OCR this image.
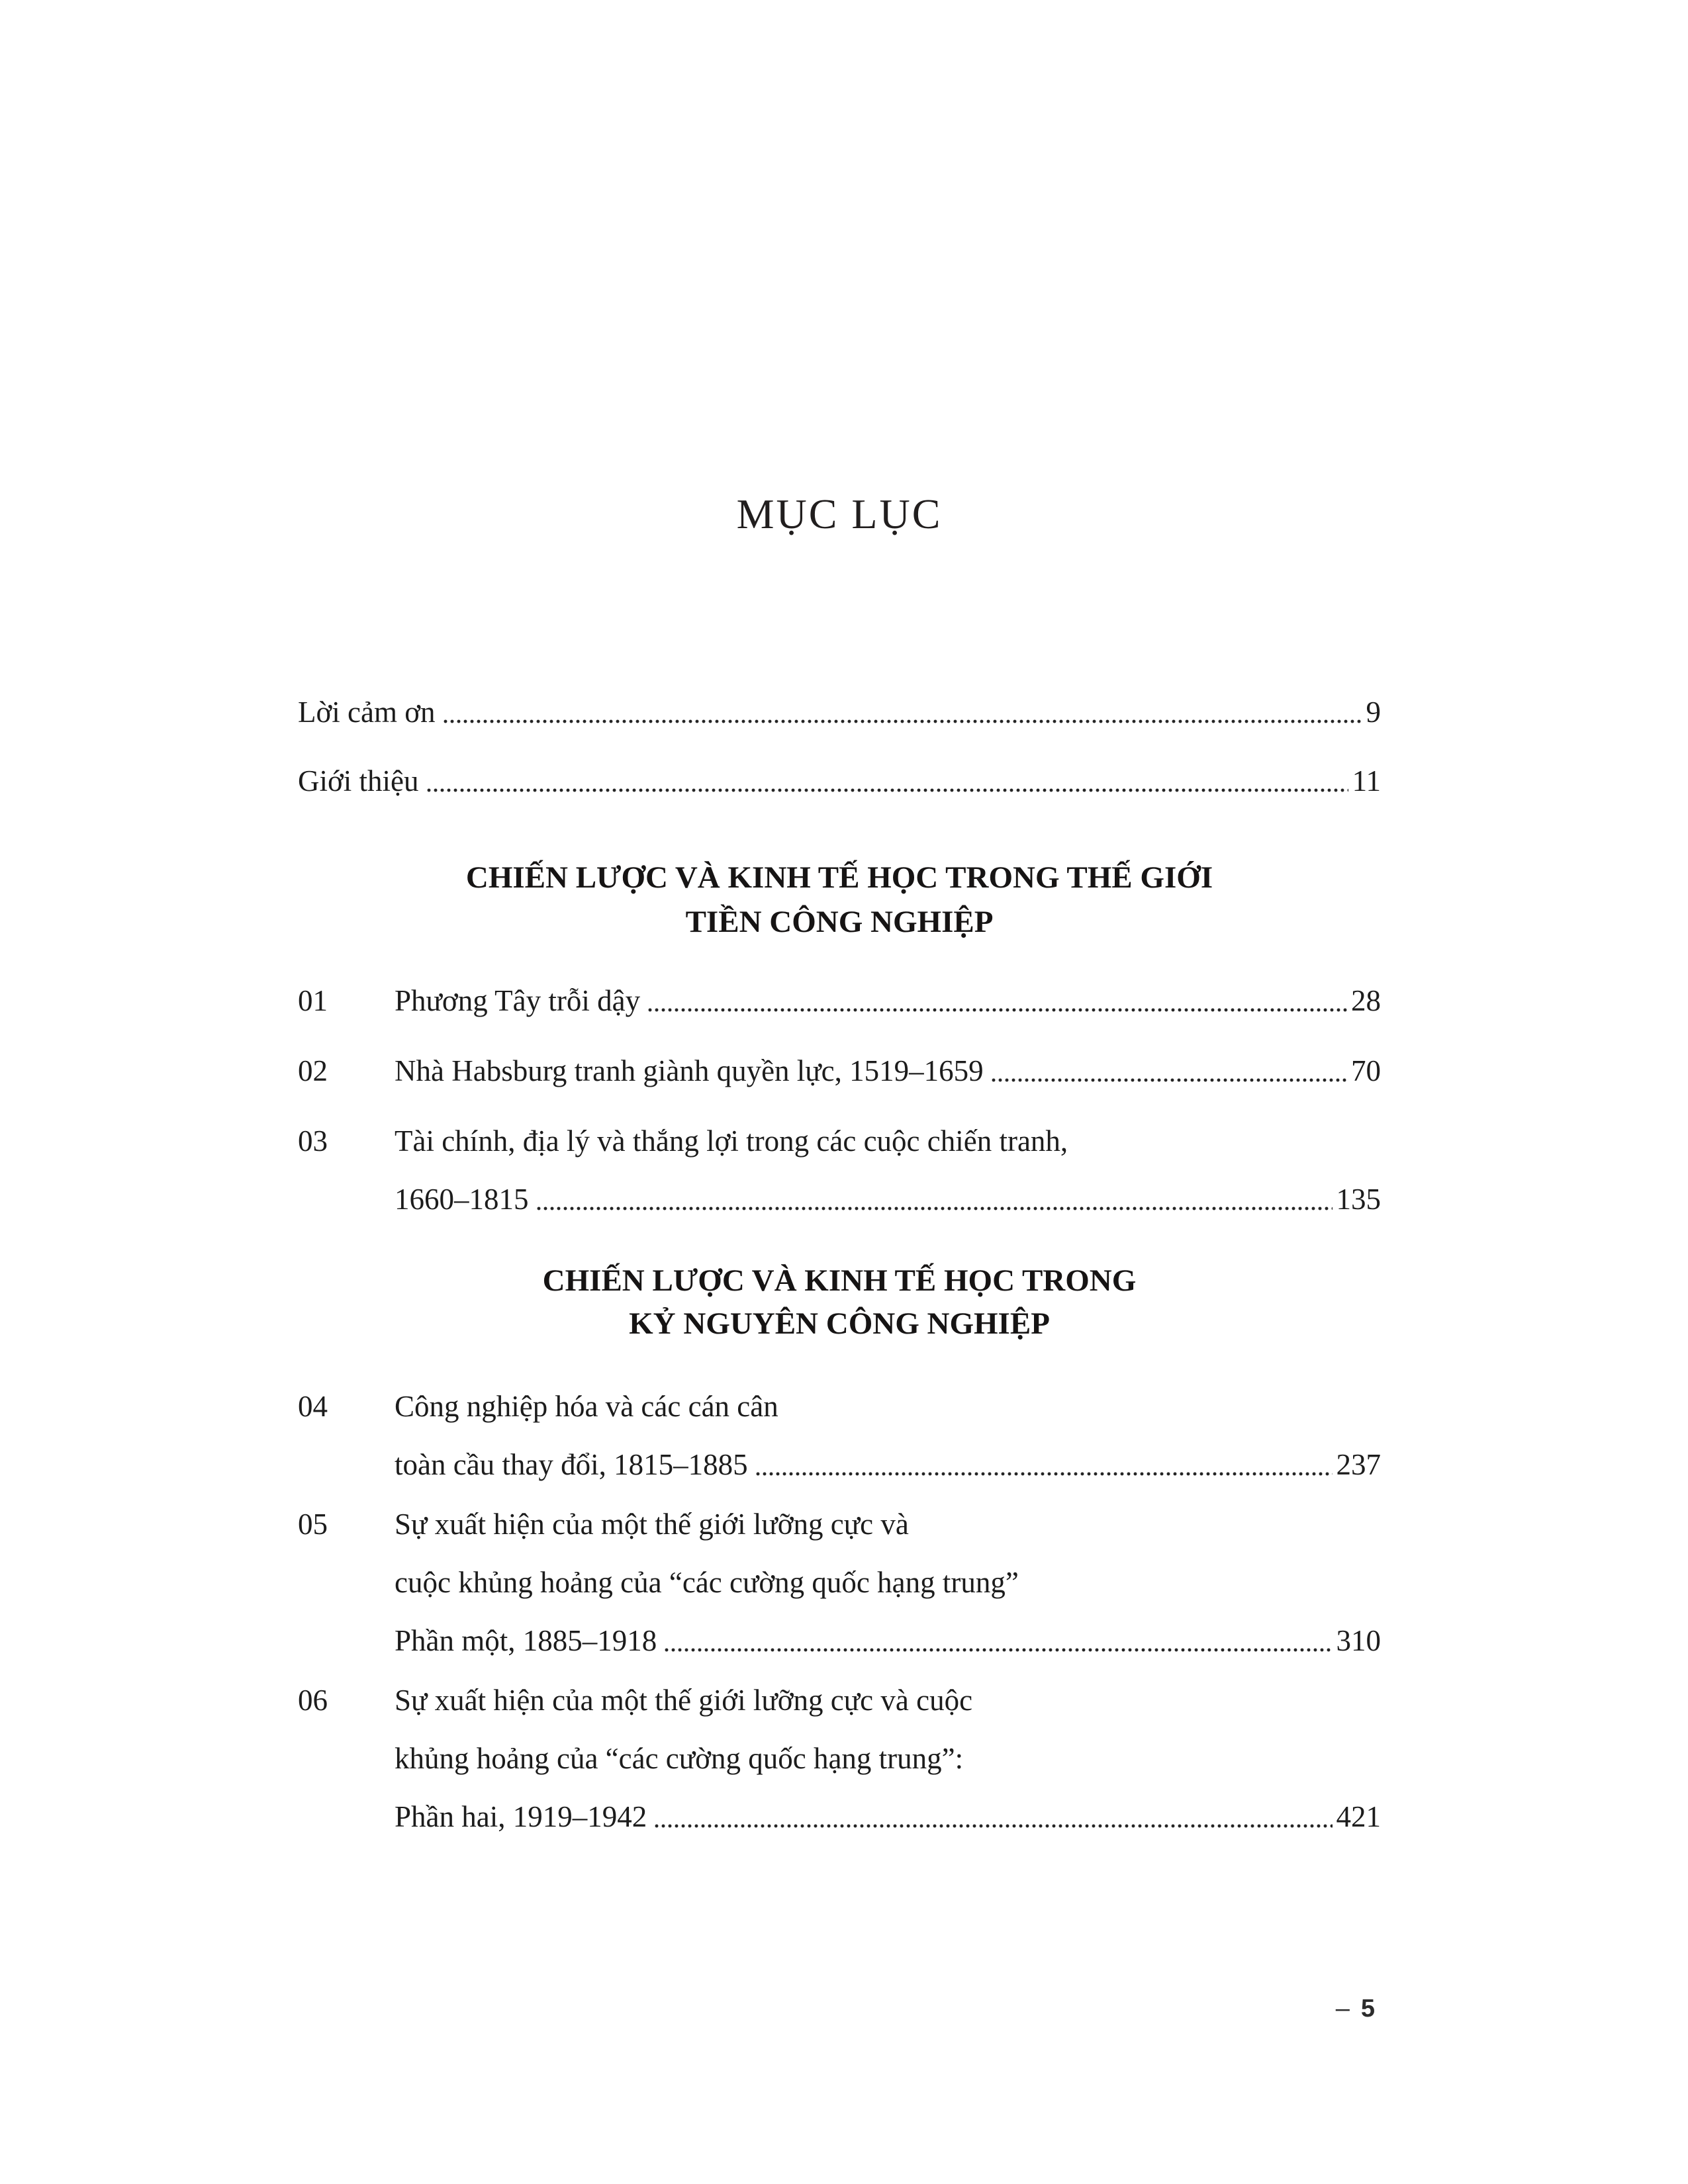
MỤC LỤC
Lời cảm ơn	9
Giới thiệu	11
CHIẾN LƯỢC VÀ KINH TẾ HỌC TRONG THẾ GIỚI
TIỀN CÔNG NGHIỆP
01	Phương Tây trỗi dậy	28
02	Nhà Habsburg tranh giành quyền lực, 1519–1659	70
03	Tài chính, địa lý và thắng lợi trong các cuộc chiến tranh,
1660–1815	135
CHIẾN LƯỢC VÀ KINH TẾ HỌC TRONG
KỶ NGUYÊN CÔNG NGHIỆP
04	Công nghiệp hóa và các cán cân
toàn cầu thay đổi, 1815–1885	237
05	Sự xuất hiện của một thế giới lưỡng cực và
cuộc khủng hoảng của “các cường quốc hạng trung”
Phần một, 1885–1918	310
06	Sự xuất hiện của một thế giới lưỡng cực và cuộc
khủng hoảng của “các cường quốc hạng trung”:
Phần hai, 1919–1942	421
– 5
